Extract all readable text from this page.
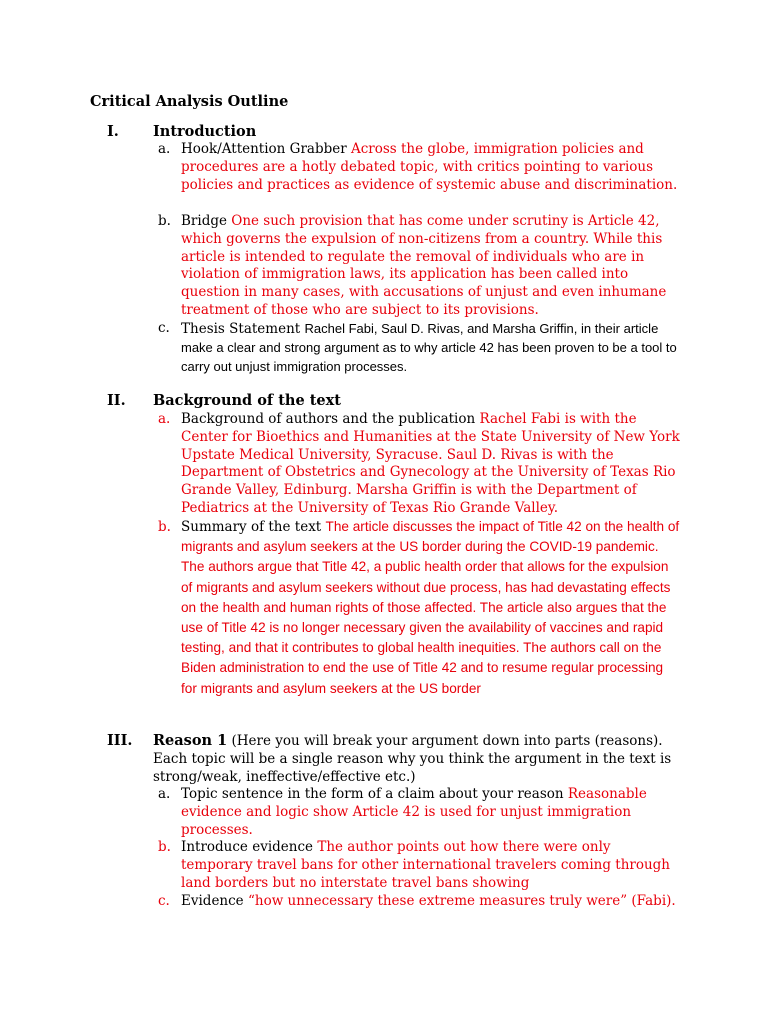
Critical Analysis Outline
I. Introduction
a. Hook/Attention Grabber Across the globe, immigration policies and procedures are a hotly debated topic, with critics pointing to various policies and practices as evidence of systemic abuse and discrimination.
b. Bridge One such provision that has come under scrutiny is Article 42, which governs the expulsion of non-citizens from a country. While this article is intended to regulate the removal of individuals who are in violation of immigration laws, its application has been called into question in many cases, with accusations of unjust and even inhumane treatment of those who are subject to its provisions.
c. Thesis Statement Rachel Fabi, Saul D. Rivas, and Marsha Griffin, in their article make a clear and strong argument as to why article 42 has been proven to be a tool to carry out unjust immigration processes.
II. Background of the text
a. Background of authors and the publication Rachel Fabi is with the Center for Bioethics and Humanities at the State University of New York Upstate Medical University, Syracuse. Saul D. Rivas is with the Department of Obstetrics and Gynecology at the University of Texas Rio Grande Valley, Edinburg. Marsha Griffin is with the Department of Pediatrics at the University of Texas Rio Grande Valley.
b. Summary of the text The article discusses the impact of Title 42 on the health of migrants and asylum seekers at the US border during the COVID-19 pandemic. The authors argue that Title 42, a public health order that allows for the expulsion of migrants and asylum seekers without due process, has had devastating effects on the health and human rights of those affected. The article also argues that the use of Title 42 is no longer necessary given the availability of vaccines and rapid testing, and that it contributes to global health inequities. The authors call on the Biden administration to end the use of Title 42 and to resume regular processing for migrants and asylum seekers at the US border
III. Reason 1 (Here you will break your argument down into parts (reasons). Each topic will be a single reason why you think the argument in the text is strong/weak, ineffective/effective etc.)
a. Topic sentence in the form of a claim about your reason Reasonable evidence and logic show Article 42 is used for unjust immigration processes.
b. Introduce evidence The author points out how there were only temporary travel bans for other international travelers coming through land borders but no interstate travel bans showing
c. Evidence “how unnecessary these extreme measures truly were” (Fabi).
